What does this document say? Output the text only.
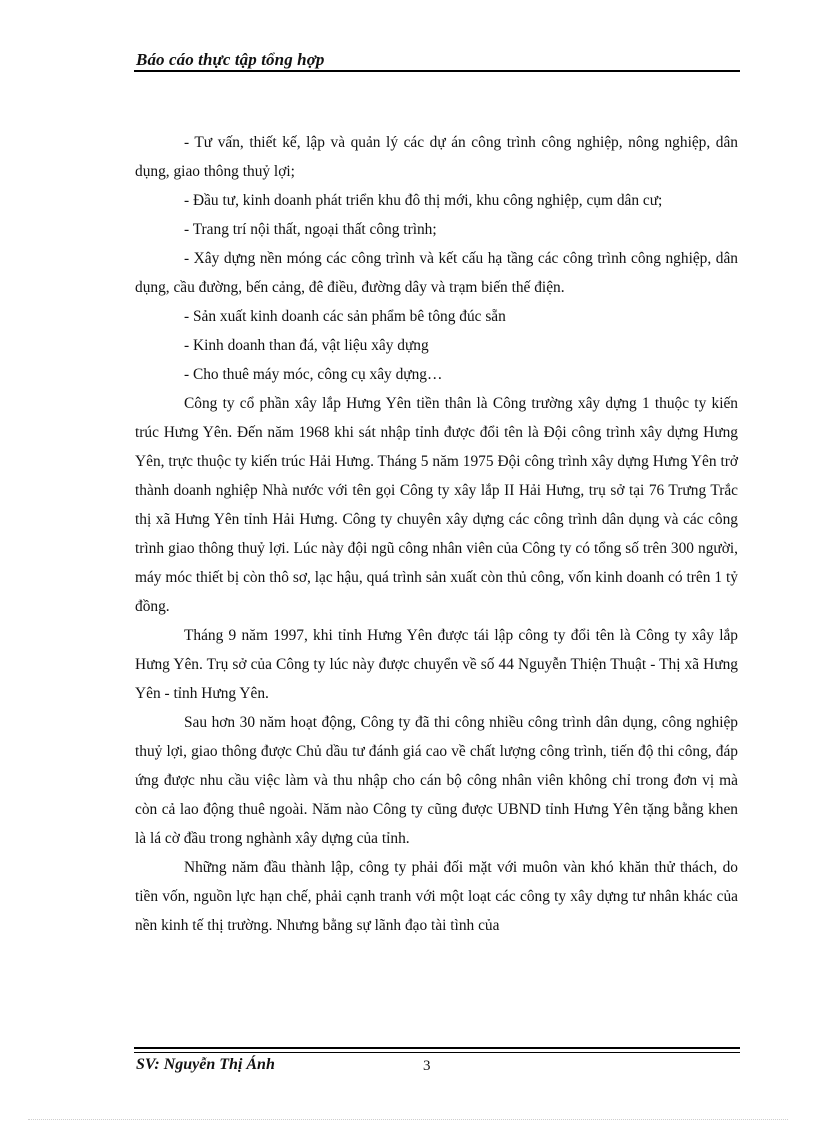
Báo cáo thực tập tổng hợp

- Tư vấn, thiết kế, lập và quản lý các dự án công trình công nghiệp, nông nghiệp, dân dụng, giao thông thuỷ lợi;

- Đầu tư, kinh doanh phát triển khu đô thị mới, khu công nghiệp, cụm dân cư;

- Trang trí nội thất, ngoại thất công trình;

- Xây dựng nền móng các công trình và kết cấu hạ tầng các công trình công nghiệp, dân dụng, cầu đường, bến cảng, đê điều, đường dây và trạm biến thế điện.

- Sản xuất kinh doanh các sản phẩm bê tông đúc sẵn

- Kinh doanh than đá, vật liệu xây dựng

- Cho thuê máy móc, công cụ xây dựng…

Công ty cổ phần xây lắp Hưng Yên tiền thân là Công trường xây dựng 1 thuộc ty kiến trúc Hưng Yên. Đến năm 1968 khi sát nhập tỉnh được đổi tên là Đội công trình xây dựng Hưng Yên, trực thuộc ty kiến trúc Hải Hưng. Tháng 5 năm 1975 Đội công trình xây dựng Hưng Yên trở thành doanh nghiệp Nhà nước với tên gọi Công ty xây lắp II Hải Hưng, trụ sở tại 76 Trưng Trắc thị xã Hưng Yên tỉnh Hải Hưng. Công ty chuyên xây dựng các công trình dân dụng và các công trình giao thông thuỷ lợi. Lúc này đội ngũ công nhân viên của Công ty có tổng số trên 300 người, máy móc thiết bị còn thô sơ, lạc hậu, quá trình sản xuất còn thủ công, vốn kinh doanh có trên 1 tỷ đồng.

Tháng 9 năm 1997, khi tỉnh Hưng Yên được tái lập công ty đổi tên là Công ty xây lắp Hưng Yên. Trụ sở của Công ty lúc này được chuyển về số 44 Nguyễn Thiện Thuật - Thị xã Hưng Yên - tỉnh Hưng Yên.

Sau hơn 30 năm hoạt động, Công ty đã thi công nhiều công trình dân dụng, công nghiệp thuỷ lợi, giao thông được Chủ dầu tư đánh giá cao về chất lượng công trình, tiến độ thi công, đáp ứng được nhu cầu việc làm và thu nhập cho cán bộ công nhân viên không chỉ trong đơn vị mà còn cả lao động thuê ngoài. Năm nào Công ty cũng được UBND tỉnh Hưng Yên tặng bằng khen là lá cờ đầu trong nghành xây dựng của tỉnh.

Những năm đầu thành lập, công ty phải đối mặt với muôn vàn khó khăn thử thách, do tiền vốn, nguồn lực hạn chế, phải cạnh tranh với một loạt các công ty xây dựng tư nhân khác của nền kinh tế thị trường. Nhưng bằng sự lãnh đạo tài tình của

SV: Nguyễn Thị Ánh	3
